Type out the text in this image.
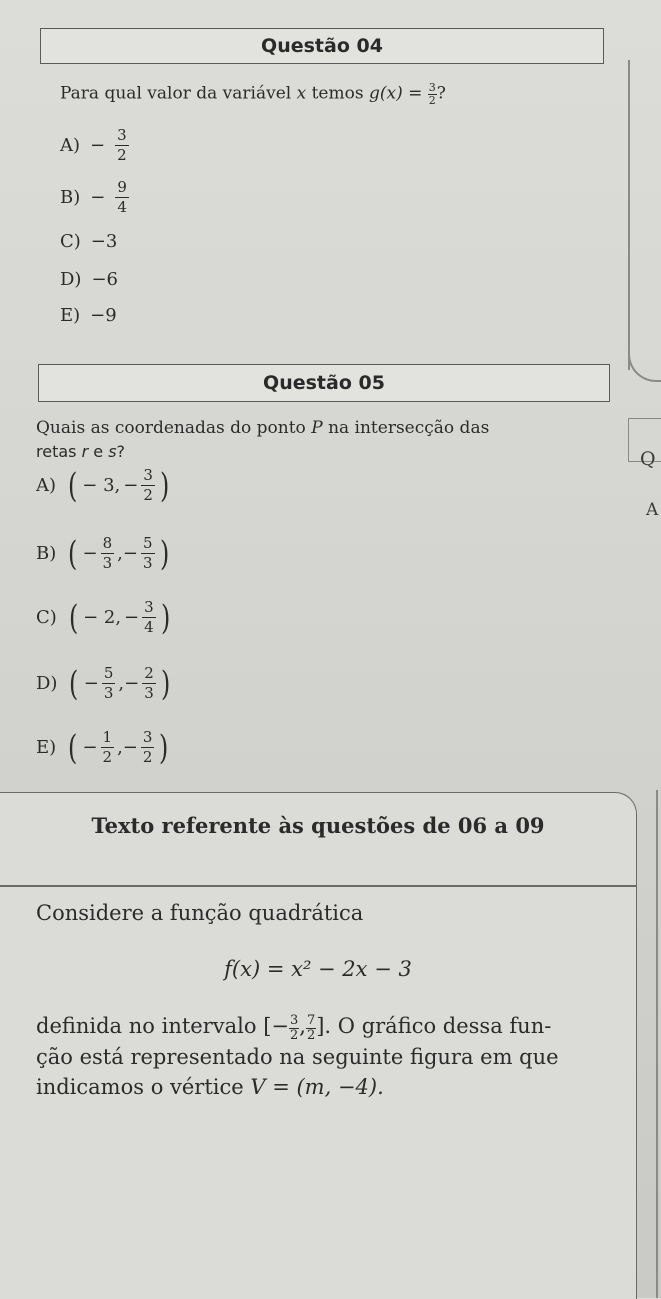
Questão 04
Para qual valor da variável x temos $g(x) = \frac{3}{2}$ ?
$A) - \frac{3}{2}$
$B) - \frac{9}{4}$
C) −3
D) −6
E) −9
Questão 05
Quais as coordenadas do ponto P na intersecção das
retas r e s?	Q
A
A) ( − 3, − $\frac{3}{2}$ )
B) ( − $\frac{8}{3}$ ,− $\frac{5}{3}$ )
C) ( − 2, − $\frac{3}{4}$ )
D) ( − $\frac{5}{3}$ ,− $\frac{2}{3}$ )
E) ( − $\frac{1}{2}$ ,− $\frac{3}{2}$ )
Texto referente às questões de 06 a 09
Considere a função quadrática
f(x) = x² − 2x − 3
definida no intervalo [− $\frac{3}{2}$ , $\frac{7}{2}$ ]. O gráfico dessa fun-
ção está representado na seguinte figura em que
indicamos o vértice V = (m, −4).
